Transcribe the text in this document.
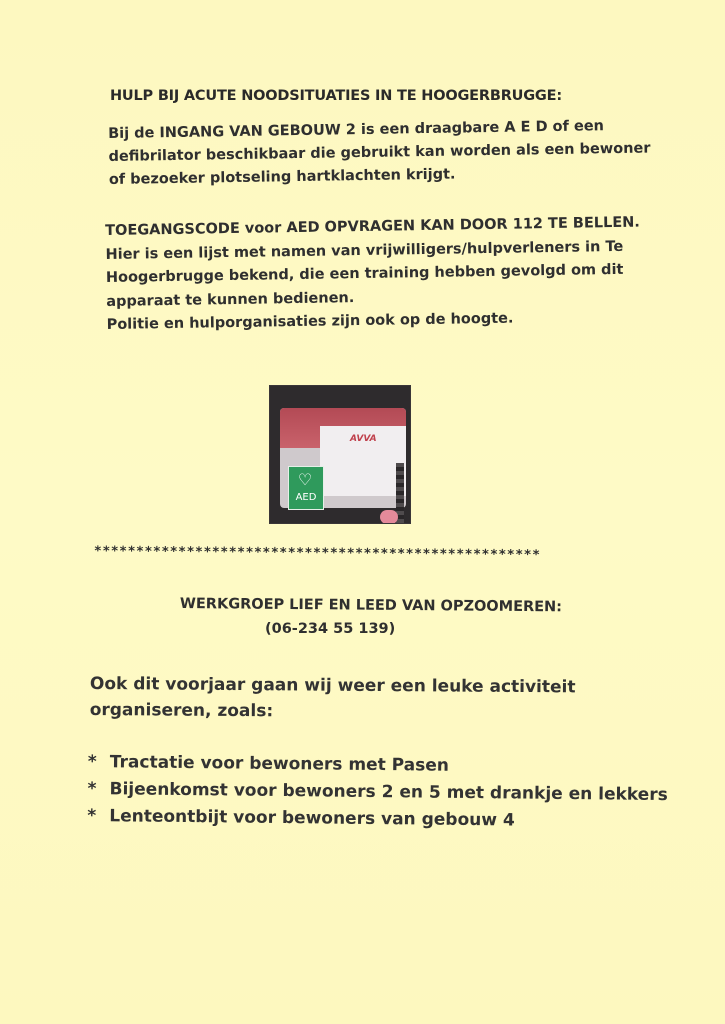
HULP BIJ ACUTE NOODSITUATIES IN TE HOOGERBRUGGE:

Bij de INGANG VAN GEBOUW 2 is een draagbare A E D of een

defibrilator beschikbaar die gebruikt kan worden als een bewoner

of bezoeker plotseling hartklachten krijgt.

TOEGANGSCODE voor AED OPVRAGEN KAN DOOR 112 TE BELLEN.

Hier is een lijst met namen van vrijwilligers/hulpverleners in Te

Hoogerbrugge bekend, die een training hebben gevolgd om dit

apparaat te kunnen bedienen.

Politie en hulporganisaties zijn ook op de hoogte.

AVVA
♡
AED
*****************************************************
WERKGROEP LIEF EN LEED VAN OPZOOMEREN:
(06-234 55 139)

Ook dit voorjaar gaan wij weer een leuke activiteit

organiseren, zoals:

* Tractatie voor bewoners met Pasen
* Bijeenkomst voor bewoners 2 en 5 met drankje en lekkers
* Lenteontbijt voor bewoners van gebouw 4
